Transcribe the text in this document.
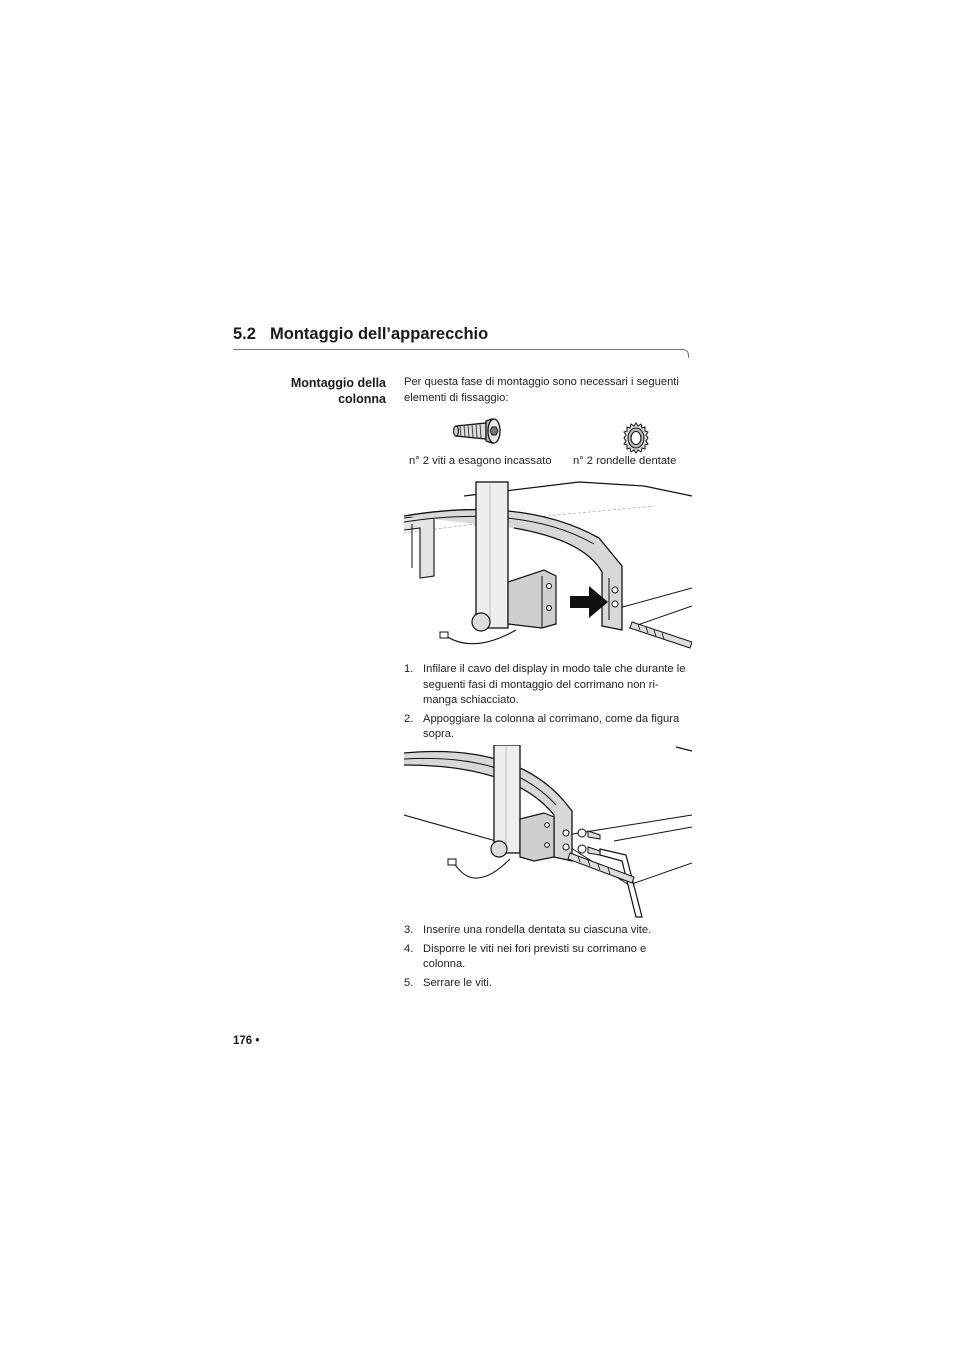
5.2 Montaggio dell’apparecchio
Montaggio della
colonna
Per questa fase di montaggio sono necessari i seguenti elementi di fissaggio:
n° 2 viti a esagono incassato n° 2 rondelle dentate
1. Infilare il cavo del display in modo tale che durante le seguenti fasi di montaggio del corrimano non ri-manga schiacciato.
2. Appoggiare la colonna al corrimano, come da figura sopra.
3. Inserire una rondella dentata su ciascuna vite.
4. Disporre le viti nei fori previsti su corrimano e colonna.
5. Serrare le viti.
176 •
